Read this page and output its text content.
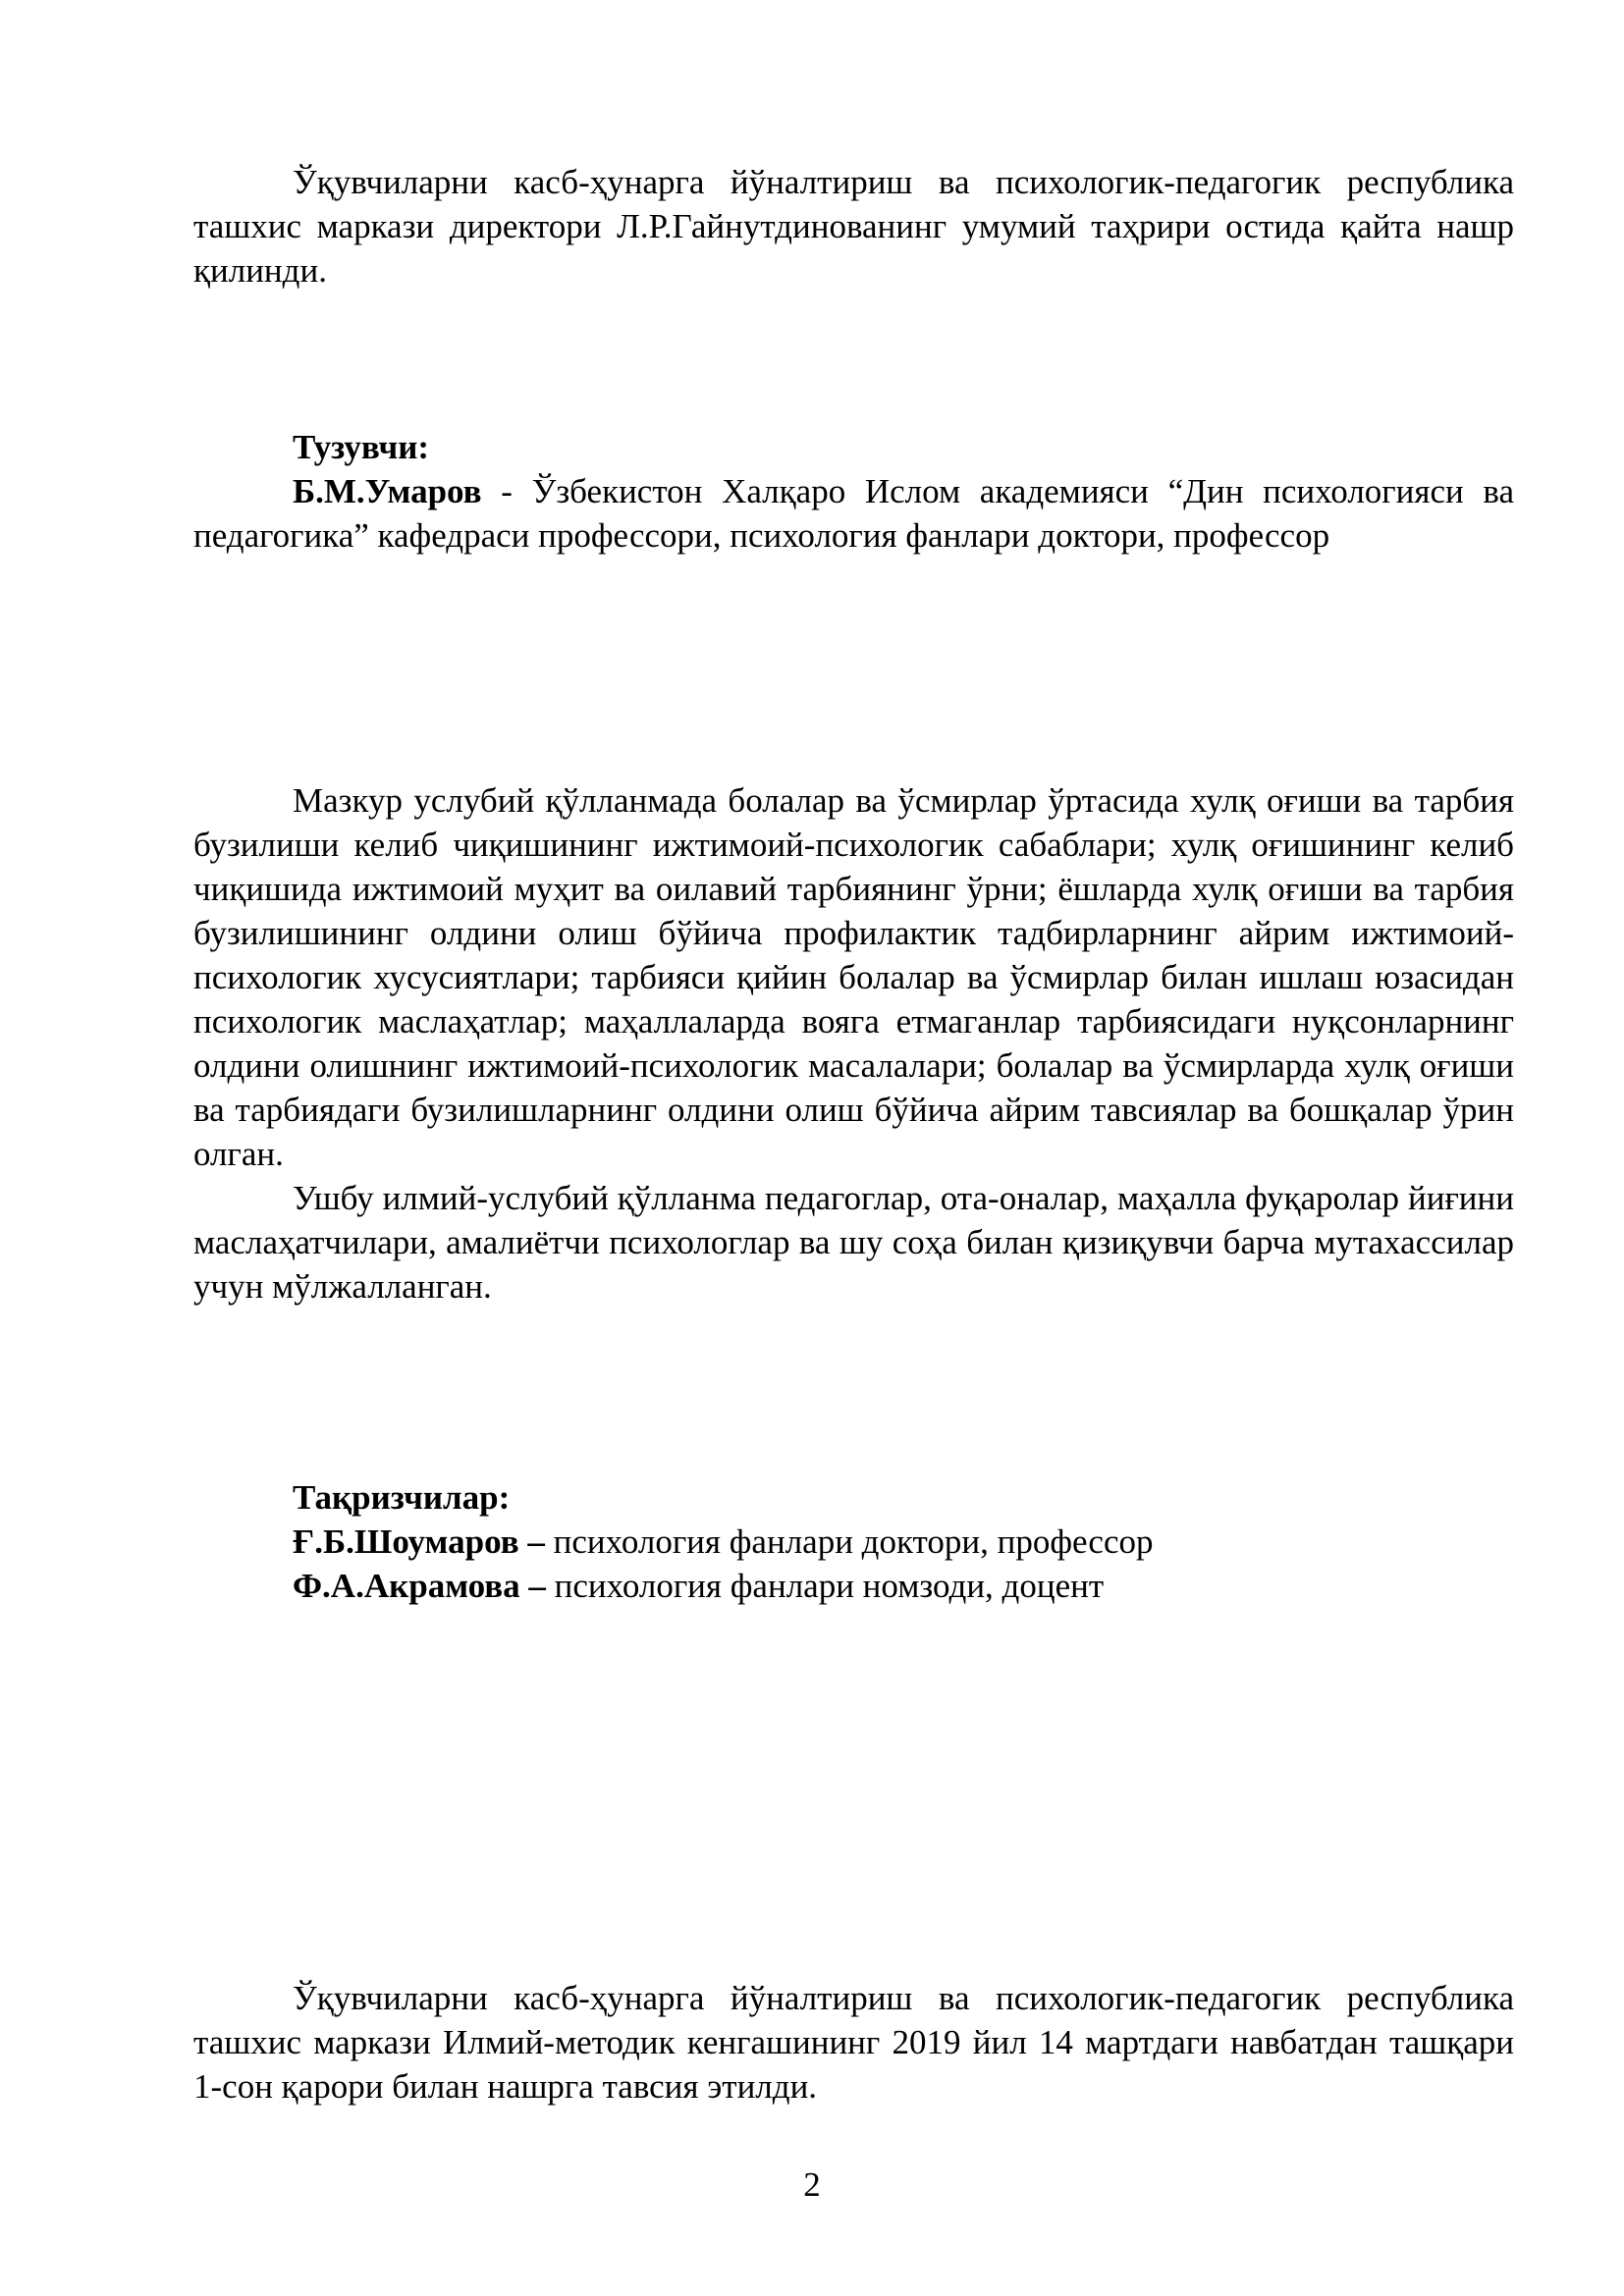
Ўқувчиларни касб-ҳунарга йўналтириш ва психологик-педагогик республика ташхис маркази директори Л.Р.Гайнутдинованинг умумий таҳрири остида қайта нашр қилинди.

Тузувчи:

Б.М.Умаров - Ўзбекистон Халқаро Ислом академияси “Дин психологияси ва педагогика” кафедраси профессори, психология фанлари доктори, профессор

Мазкур услубий қўлланмада болалар ва ўсмирлар ўртасида хулқ оғиши ва тарбия бузилиши келиб чиқишининг ижтимоий-психологик сабаблари; хулқ оғишининг келиб чиқишида ижтимоий муҳит ва оилавий тарбиянинг ўрни; ёшларда хулқ оғиши ва тарбия бузилишининг олдини олиш бўйича профилактик тадбирларнинг айрим ижтимоий-психологик хусусиятлари; тарбияси қийин болалар ва ўсмирлар билан ишлаш юзасидан психологик маслаҳатлар; маҳаллаларда вояга етмаганлар тарбиясидаги нуқсонларнинг олдини олишнинг ижтимоий-психологик масалалари; болалар ва ўсмирларда хулқ оғиши ва тарбиядаги бузилишларнинг олдини олиш бўйича айрим тавсиялар ва бошқалар ўрин олган.

Ушбу илмий-услубий қўлланма педагоглар, ота-оналар, маҳалла фуқаролар йиғини маслаҳатчилари, амалиётчи психологлар ва шу соҳа билан қизиқувчи барча мутахассилар учун мўлжалланган.

Тақризчилар:

Ғ.Б.Шоумаров – психология фанлари доктори, профессор

Ф.А.Акрамова – психология фанлари номзоди, доцент

Ўқувчиларни касб-ҳунарга йўналтириш ва психологик-педагогик республика ташхис маркази Илмий-методик кенгашининг 2019 йил 14 мартдаги навбатдан ташқари 1-сон қарори билан нашрга тавсия этилди.

2
